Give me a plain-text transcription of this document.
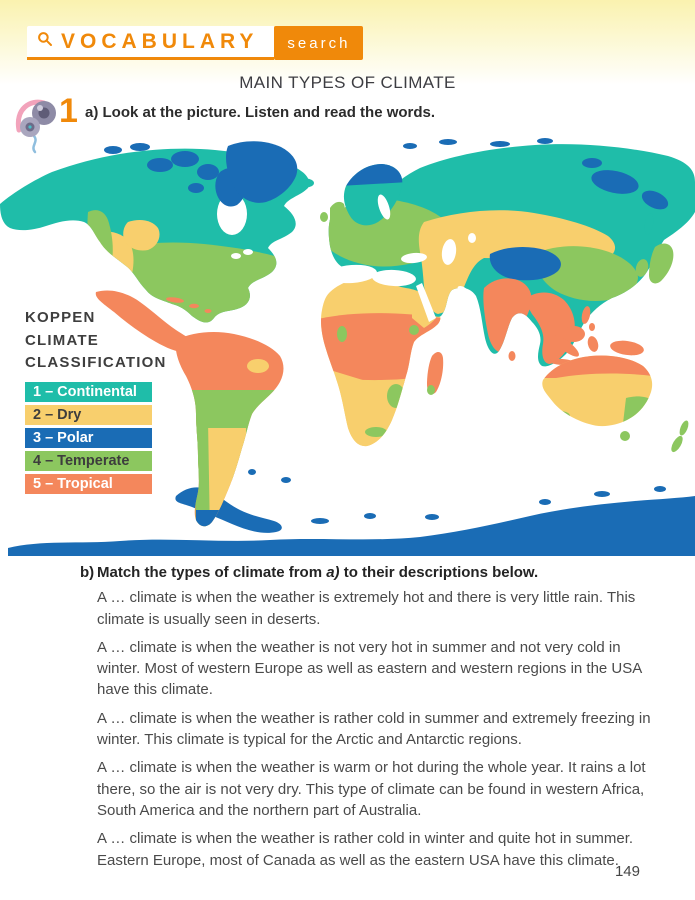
VOCABULARY	search
MAIN TYPES OF CLIMATE
1 a) Look at the picture. Listen and read the words.
KOPPEN
CLIMATE
CLASSIFICATION
1 – Continental
2 – Dry
3 – Polar
4 – Temperate
5 – Tropical
b) Match the types of climate from a) to their descriptions below.

A … climate is when the weather is extremely hot and there is very little rain. This climate is usually seen in deserts.

A … climate is when the weather is not very hot in summer and not very cold in winter. Most of western Europe as well as eastern and western regions in the USA have this climate.

A … climate is when the weather is rather cold in summer and extremely freezing in winter. This climate is typical for the Arctic and Antarctic regions.

A … climate is when the weather is warm or hot during the whole year. It rains a lot there, so the air is not very dry. This type of climate can be found in western Africa, South America and the northern part of Australia.

A … climate is when the weather is rather cold in winter and quite hot in summer. Eastern Europe, most of Canada as well as the eastern USA have this climate.

149
